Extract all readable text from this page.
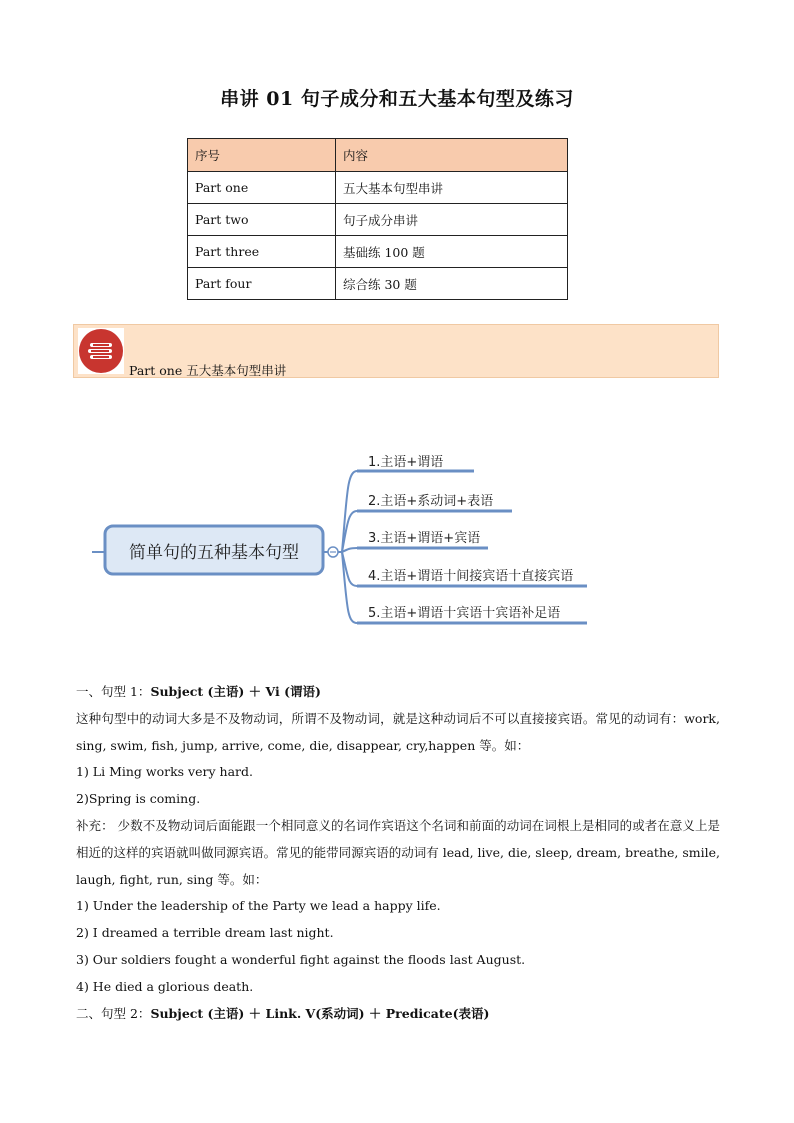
串讲 01 句子成分和五大基本句型及练习
序号	内容
Part one	五大基本句型串讲
Part two	句子成分串讲
Part three	基础练 100 题
Part four	综合练 30 题
Part one 五大基本句型串讲
简单句的五种基本句型
1.主语+谓语
2.主语+系动词+表语
3.主语+谓语+宾语
4.主语+谓语十间接宾语十直接宾语
5.主语+谓语十宾语十宾语补足语

一、句型 1：Subject (主语) ＋ Vi (谓语)

这种句型中的动词大多是不及物动词，所谓不及物动词，就是这种动词后不可以直接接宾语。常见的动词有：work, sing, swim, fish, jump, arrive, come, die, disappear, cry,happen 等。如：

1) Li Ming works very hard.

2)Spring is coming.

补充： 少数不及物动词后面能跟一个相同意义的名词作宾语这个名词和前面的动词在词根上是相同的或者在意义上是相近的这样的宾语就叫做同源宾语。常见的能带同源宾语的动词有 lead, live, die, sleep, dream, breathe, smile, laugh, fight, run, sing 等。如：

1) Under the leadership of the Party we lead a happy life.

2) I dreamed a terrible dream last night.

3) Our soldiers fought a wonderful fight against the floods last August.

4) He died a glorious death.

二、句型 2：Subject (主语) ＋ Link. V(系动词) ＋ Predicate(表语)
